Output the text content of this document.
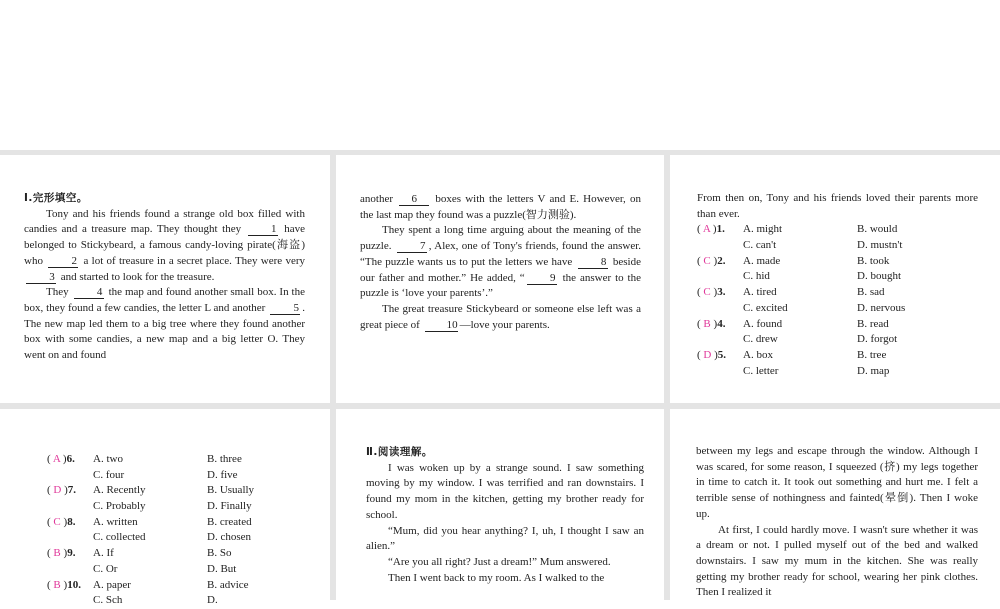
Ⅰ.完形填空。

Tony and his friends found a strange old box filled with candies and a treasure map. They thought they 1 have belonged to Stickybeard, a famous candy-loving pirate(海盗) who 2 a lot of treasure in a secret place. They were very 3 and started to look for the treasure.

They 4 the map and found another small box. In the box, they found a few candies, the letter L and another 5 . The new map led them to a big tree where they found another box with some candies, a new map and a big letter O. They went on and found

another 6 boxes with the letters V and E. However, on the last map they found was a puzzle(智力测验).

They spent a long time arguing about the meaning of the puzzle. 7 , Alex, one of Tony's friends, found the answer. “The puzzle wants us to put the letters we have 8 beside our father and mother.” He added, “ 9 the answer to the puzzle is ‘love your parents’.”

The great treasure Stickybeard or someone else left was a great piece of 10 —love your parents.

From then on, Tony and his friends loved their parents more than ever.

( A )1.	A. might	B. would
C. can't	D. mustn't
( C )2.	A. made	B. took
C. hid	D. bought
( C )3.	A. tired	B. sad
C. excited	D. nervous
( B )4.	A. found	B. read
C. drew	D. forgot
( D )5.	A. box	B. tree
C. letter	D. map
( A )6.	A. two	B. three
C. four	D. five
( D )7.	A. Recently	B. Usually
C. Probably	D. Finally
( C )8.	A. written	B. created
C. collected	D. chosen
( B )9.	A. If	B. So
C. Or	D. But
( B )10.	A. paper	B. advice
C. Sch	D.
Ⅱ.阅读理解。

I was woken up by a strange sound. I saw something moving by my window. I was terrified and ran downstairs. I found my mom in the kitchen, getting my brother ready for school.

“Mum, did you hear anything? I, uh, I thought I saw an alien.”

“Are you all right? Just a dream!” Mum answered.

Then I went back to my room. As I walked to the

between my legs and escape through the window. Although I was scared, for some reason, I squeezed (挤) my legs together in time to catch it. It took out something and hurt me. I felt a terrible sense of nothingness and fainted(晕倒). Then I woke up.

At first, I could hardly move. I wasn't sure whether it was a dream or not. I pulled myself out of the bed and walked downstairs. I saw my mum in the kitchen. She was really getting my brother ready for school, wearing her pink clothes. Then I realized it
